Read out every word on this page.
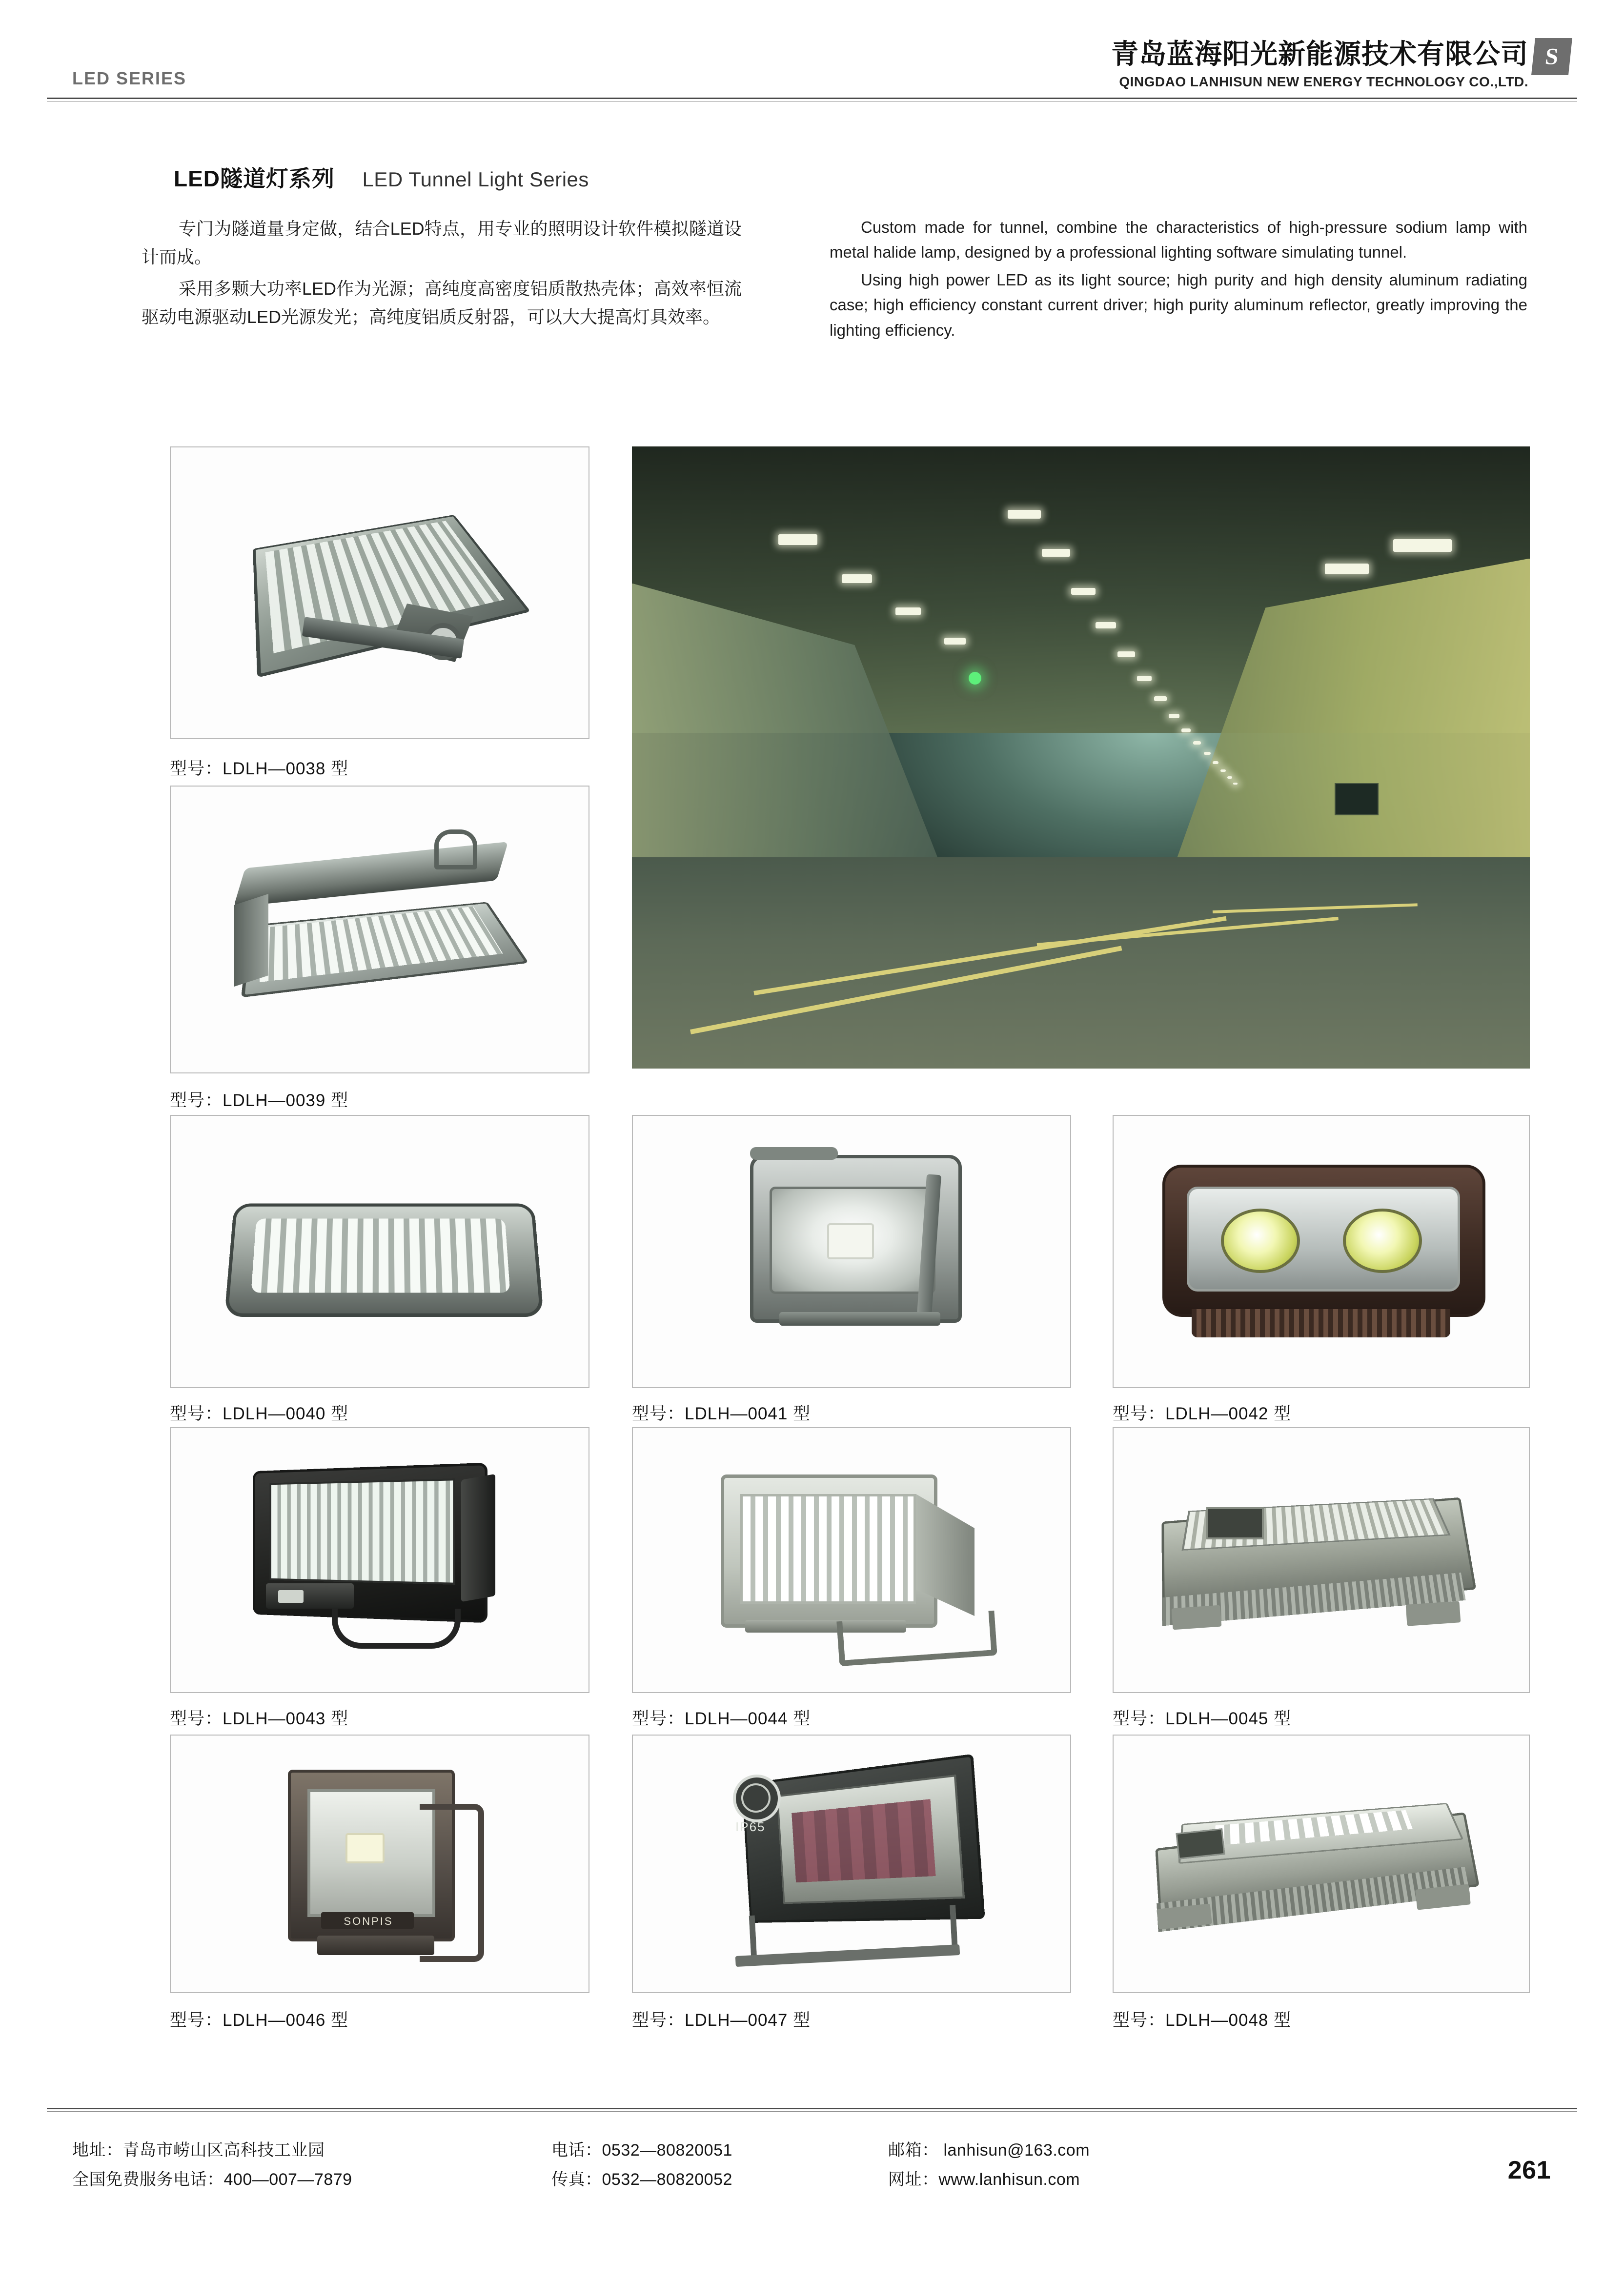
LED SERIES
青岛蓝海阳光新能源技术有限公司
QINGDAO LANHISUN NEW ENERGY TECHNOLOGY CO.,LTD.
S
LED隧道灯系列 LED Tunnel Light Series

专门为隧道量身定做，结合LED特点，用专业的照明设计软件模拟隧道设计而成。

采用多颗大功率LED作为光源；高纯度高密度铝质散热壳体；高效率恒流驱动电源驱动LED光源发光；高纯度铝质反射器，可以大大提高灯具效率。

Custom made for tunnel, combine the characteristics of high-pressure sodium lamp with metal halide lamp, designed by a professional lighting software simulating tunnel.

Using high power LED as its light source; high purity and high density aluminum radiating case; high efficiency constant current driver; high purity aluminum reflector, greatly improving the lighting efficiency.

型号：LDLH—0038 型
型号：LDLH—0039 型
型号：LDLH—0040 型	型号：LDLH—0041 型	型号：LDLH—0042 型
型号：LDLH—0043 型	型号：LDLH—0044 型	型号：LDLH—0045 型
SONPIS
型号：LDLH—0046 型
IP65
型号：LDLH—0047 型	型号：LDLH—0048 型
地址：青岛市崂山区高科技工业园
全国免费服务电话：400—007—7879
电话：0532—80820051
传真：0532—80820052
邮箱： lanhisun@163.com
网址：www.lanhisun.com	261
